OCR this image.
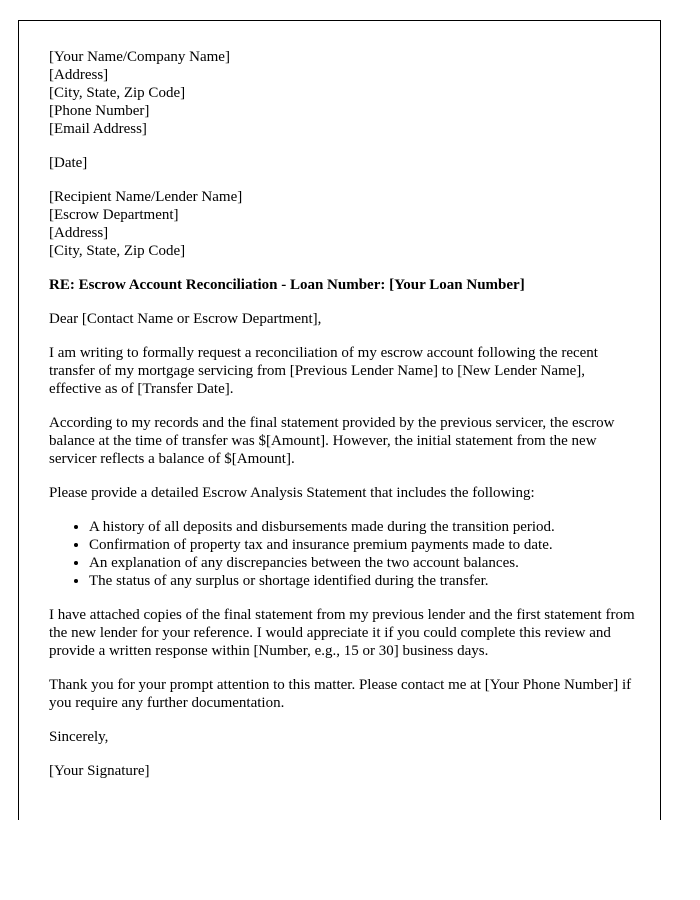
[Your Name/Company Name]
[Address]
[City, State, Zip Code]
[Phone Number]
[Email Address]
[Date]
[Recipient Name/Lender Name]
[Escrow Department]
[Address]
[City, State, Zip Code]
RE: Escrow Account Reconciliation - Loan Number: [Your Loan Number]

Dear [Contact Name or Escrow Department],

I am writing to formally request a reconciliation of my escrow account following the recent transfer of my mortgage servicing from [Previous Lender Name] to [New Lender Name], effective as of [Transfer Date].

According to my records and the final statement provided by the previous servicer, the escrow balance at the time of transfer was $[Amount]. However, the initial statement from the new servicer reflects a balance of $[Amount].

Please provide a detailed Escrow Analysis Statement that includes the following:

• A history of all deposits and disbursements made during the transition period.
• Confirmation of property tax and insurance premium payments made to date.
• An explanation of any discrepancies between the two account balances.
• The status of any surplus or shortage identified during the transfer.

I have attached copies of the final statement from my previous lender and the first statement from the new lender for your reference. I would appreciate it if you could complete this review and provide a written response within [Number, e.g., 15 or 30] business days.

Thank you for your prompt attention to this matter. Please contact me at [Your Phone Number] if you require any further documentation.

Sincerely,

[Your Signature]
